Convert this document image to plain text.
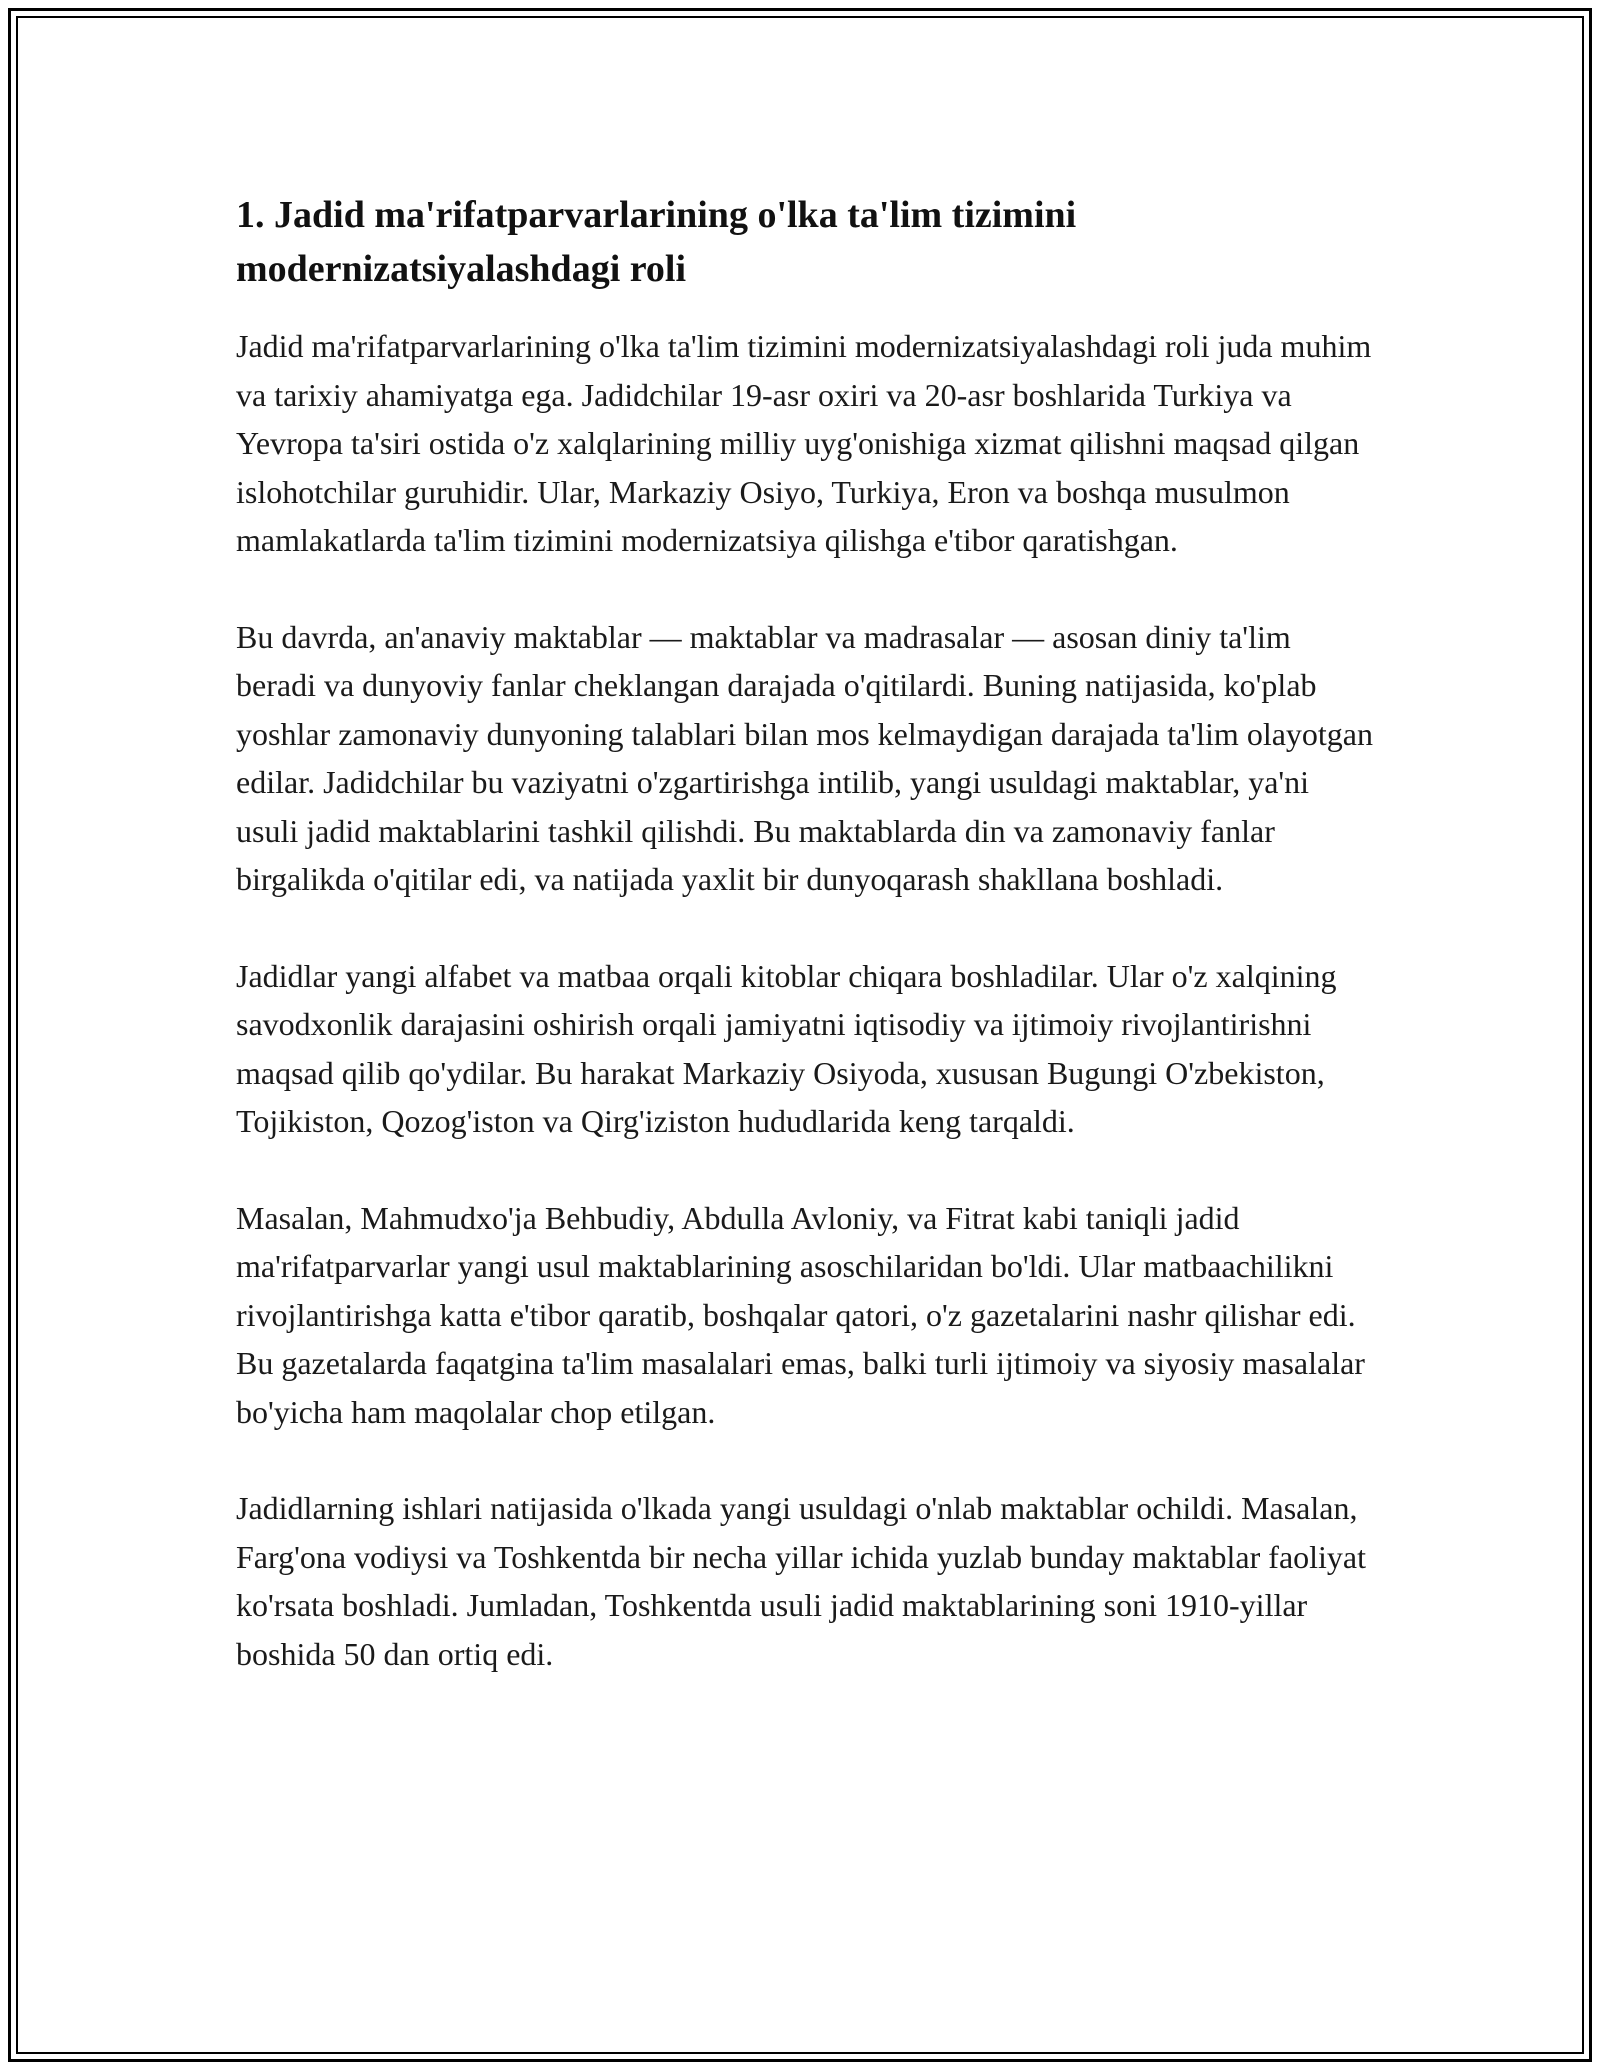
1. Jadid ma'rifatparvarlarining o'lka ta'lim tizimini modernizatsiyalashdagi roli

Jadid ma'rifatparvarlarining o'lka ta'lim tizimini modernizatsiyalashdagi roli juda muhim va tarixiy ahamiyatga ega. Jadidchilar 19-asr oxiri va 20-asr boshlarida Turkiya va Yevropa ta'siri ostida o'z xalqlarining milliy uyg'onishiga xizmat qilishni maqsad qilgan islohotchilar guruhidir. Ular, Markaziy Osiyo, Turkiya, Eron va boshqa musulmon mamlakatlarda ta'lim tizimini modernizatsiya qilishga e'tibor qaratishgan.

Bu davrda, an'anaviy maktablar — maktablar va madrasalar — asosan diniy ta'lim beradi va dunyoviy fanlar cheklangan darajada o'qitilardi. Buning natijasida, ko'plab yoshlar zamonaviy dunyoning talablari bilan mos kelmaydigan darajada ta'lim olayotgan edilar. Jadidchilar bu vaziyatni o'zgartirishga intilib, yangi usuldagi maktablar, ya'ni usuli jadid maktablarini tashkil qilishdi. Bu maktablarda din va zamonaviy fanlar birgalikda o'qitilar edi, va natijada yaxlit bir dunyoqarash shakllana boshladi.

Jadidlar yangi alfabet va matbaa orqali kitoblar chiqara boshladilar. Ular o'z xalqining savodxonlik darajasini oshirish orqali jamiyatni iqtisodiy va ijtimoiy rivojlantirishni maqsad qilib qo'ydilar. Bu harakat Markaziy Osiyoda, xususan Bugungi O'zbekiston, Tojikiston, Qozog'iston va Qirg'iziston hududlarida keng tarqaldi.

Masalan, Mahmudxo'ja Behbudiy, Abdulla Avloniy, va Fitrat kabi taniqli jadid ma'rifatparvarlar yangi usul maktablarining asoschilaridan bo'ldi. Ular matbaachilikni rivojlantirishga katta e'tibor qaratib, boshqalar qatori, o'z gazetalarini nashr qilishar edi. Bu gazetalarda faqatgina ta'lim masalalari emas, balki turli ijtimoiy va siyosiy masalalar bo'yicha ham maqolalar chop etilgan.

Jadidlarning ishlari natijasida o'lkada yangi usuldagi o'nlab maktablar ochildi. Masalan, Farg'ona vodiysi va Toshkentda bir necha yillar ichida yuzlab bunday maktablar faoliyat ko'rsata boshladi. Jumladan, Toshkentda usuli jadid maktablarining soni 1910-yillar boshida 50 dan ortiq edi.
